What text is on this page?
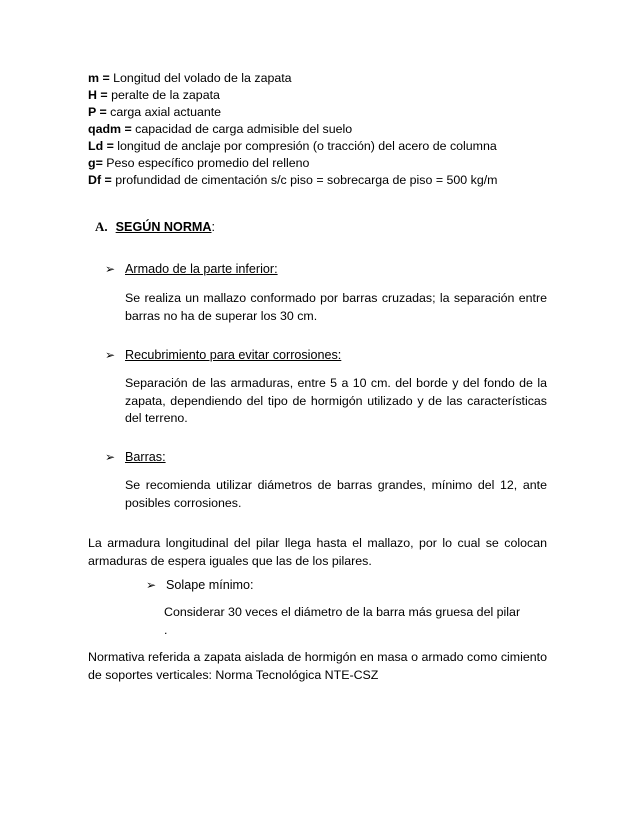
m = Longitud del volado de la zapata
H = peralte de la zapata
P = carga axial actuante
qadm = capacidad de carga admisible del suelo
Ld = longitud de anclaje por compresión (o tracción) del acero de columna
g= Peso específico promedio del relleno
Df = profundidad de cimentación s/c piso = sobrecarga de piso = 500 kg/m
A. SEGÚN NORMA:
➢ Armado de la parte inferior:
Se realiza un mallazo conformado por barras cruzadas; la separación entre
barras no ha de superar los 30 cm.
➢ Recubrimiento para evitar corrosiones:
Separación de las armaduras, entre 5 a 10 cm. del borde y del fondo de la
zapata, dependiendo del tipo de hormigón utilizado y de las características
del terreno.
➢ Barras:
Se recomienda utilizar diámetros de barras grandes, mínimo del 12, ante
posibles corrosiones.
La armadura longitudinal del pilar llega hasta el mallazo, por lo cual se colocan
armaduras de espera iguales que las de los pilares.
➢ Solape mínimo:
Considerar 30 veces el diámetro de la barra más gruesa del pilar
.
Normativa referida a zapata aislada de hormigón en masa o armado como cimiento
de soportes verticales: Norma Tecnológica NTE-CSZ
